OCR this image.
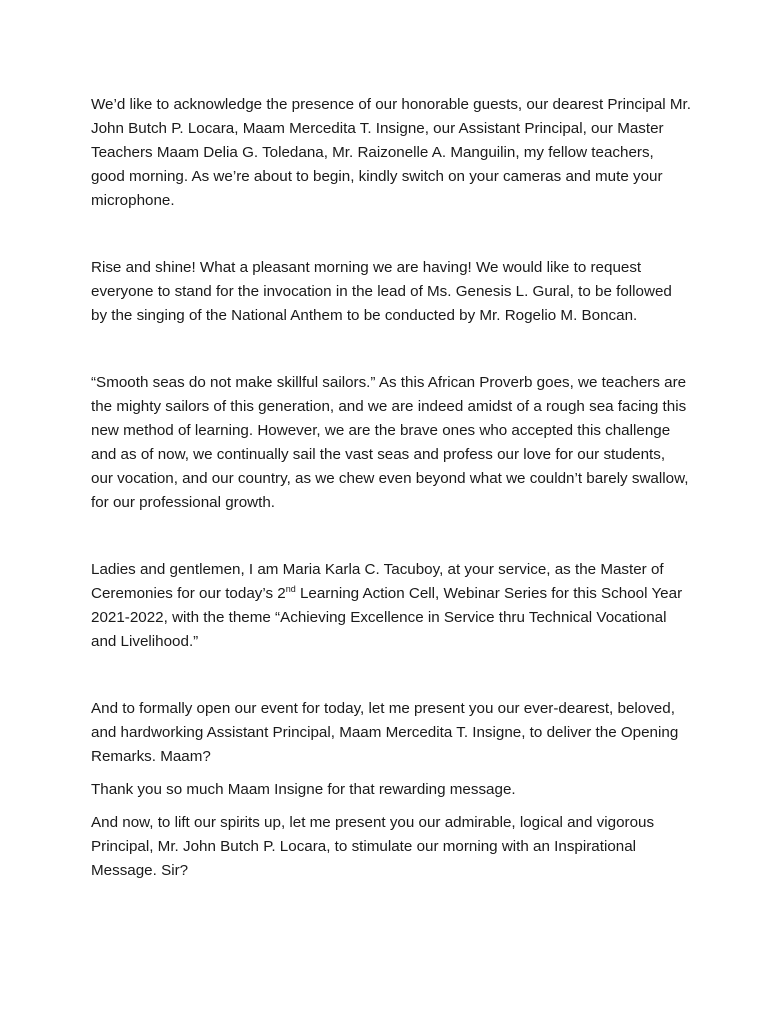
We’d like to acknowledge the presence of our honorable guests, our dearest Principal Mr. John Butch P. Locara, Maam Mercedita T. Insigne, our Assistant Principal, our Master Teachers Maam Delia G. Toledana, Mr. Raizonelle A. Manguilin, my fellow teachers, good morning. As we’re about to begin, kindly switch on your cameras and mute your microphone.

Rise and shine! What a pleasant morning we are having! We would like to request everyone to stand for the invocation in the lead of Ms. Genesis L. Gural, to be followed by the singing of the National Anthem to be conducted by Mr. Rogelio M. Boncan.

“Smooth seas do not make skillful sailors.” As this African Proverb goes, we teachers are the mighty sailors of this generation, and we are indeed amidst of a rough sea facing this new method of learning. However, we are the brave ones who accepted this challenge and as of now, we continually sail the vast seas and profess our love for our students, our vocation, and our country, as we chew even beyond what we couldn’t barely swallow, for our professional growth.

Ladies and gentlemen, I am Maria Karla C. Tacuboy, at your service, as the Master of Ceremonies for our today’s 2nd Learning Action Cell, Webinar Series for this School Year 2021-2022, with the theme “Achieving Excellence in Service thru Technical Vocational and Livelihood.”

And to formally open our event for today, let me present you our ever-dearest, beloved, and hardworking Assistant Principal, Maam Mercedita T. Insigne, to deliver the Opening Remarks. Maam?

Thank you so much Maam Insigne for that rewarding message.

And now, to lift our spirits up, let me present you our admirable, logical and vigorous Principal, Mr. John Butch P. Locara, to stimulate our morning with an Inspirational Message. Sir?
